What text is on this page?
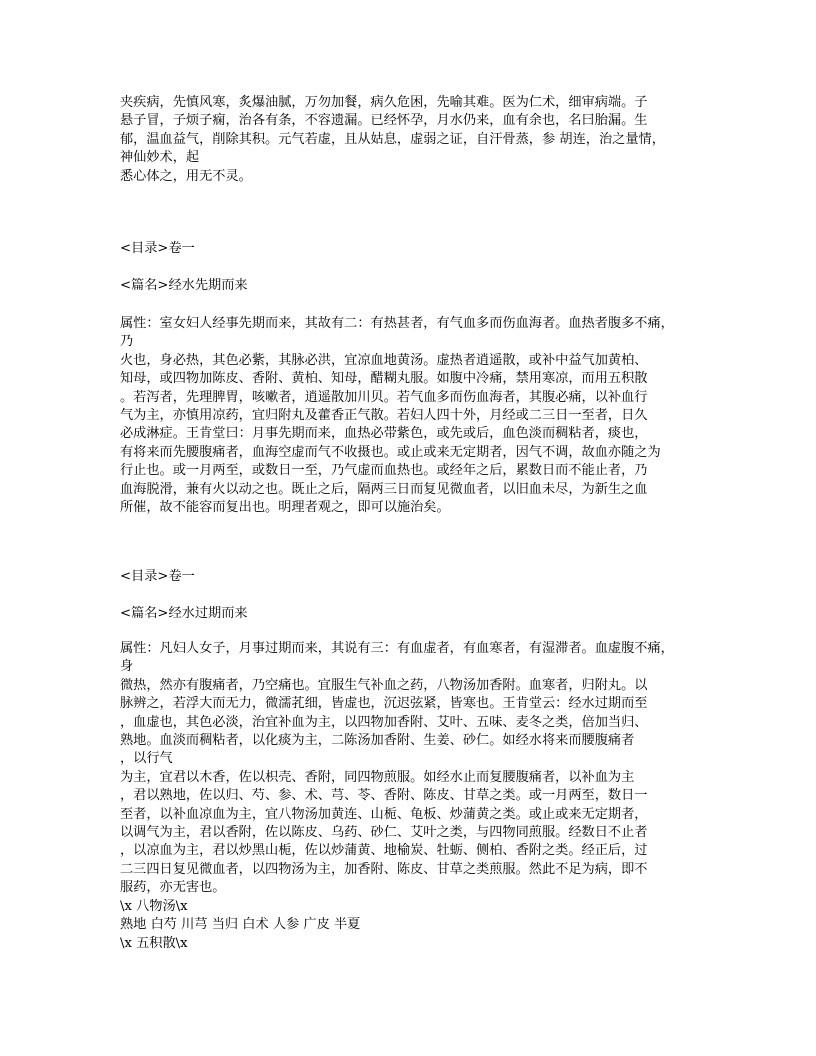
夹疾病，先慎风寒，炙爆油腻，万勿加餐，病久危困，先喻其难。医为仁术，细审病端。子

悬子冒，子烦子痫，治各有条，不容遗漏。已经怀孕，月水仍来，血有余也，名曰胎漏。生

郁，温血益气，削除其积。元气若虚，且从姑息，虚弱之证，自汗骨蒸，参 胡连，治之量情，

神仙妙术，起

悉心体之，用无不灵。

<目录>卷一
<篇名>经水先期而来

属性：室女妇人经事先期而来，其故有二：有热甚者，有气血多而伤血海者。血热者腹多不痛，

乃

火也，身必热，其色必紫，其脉必洪，宜凉血地黄汤。虚热者逍遥散，或补中益气加黄柏、

知母，或四物加陈皮、香附、黄柏、知母，醋糊丸服。如腹中冷痛，禁用寒凉，而用五积散

。若泻者，先理脾胃，咳嗽者，逍遥散加川贝。若气血多而伤血海者，其腹必痛，以补血行

气为主，亦慎用凉药，宜归附丸及藿香正气散。若妇人四十外，月经或二三日一至者，日久

必成淋症。王肯堂曰：月事先期而来，血热必带紫色，或先或后，血色淡而稠粘者，痰也，

有将来而先腰腹痛者，血海空虚而气不收摄也。或止或来无定期者，因气不调，故血亦随之为

行止也。或一月两至，或数日一至，乃气虚而血热也。或经年之后，累数日而不能止者，乃

血海脱滑，兼有火以动之也。既止之后，隔两三日而复见微血者，以旧血未尽，为新生之血

所催，故不能容而复出也。明理者观之，即可以施治矣。

<目录>卷一
<篇名>经水过期而来

属性：凡妇人女子，月事过期而来，其说有三：有血虚者，有血寒者，有湿滞者。血虚腹不痛，

身

微热，然亦有腹痛者，乃空痛也。宜服生气补血之药，八物汤加香附。血寒者，归附丸。以

脉辨之，若浮大而无力，微濡芤细，皆虚也，沉迟弦紧，皆寒也。王肯堂云：经水过期而至

，血虚也，其色必淡，治宜补血为主，以四物加香附、艾叶、五味、麦冬之类，倍加当归、

熟地。血淡而稠粘者，以化痰为主，二陈汤加香附、生姜、砂仁。如经水将来而腰腹痛者

，以行气

为主，宜君以木香，佐以枳壳、香附，同四物煎服。如经水止而复腰腹痛者，以补血为主

，君以熟地，佐以归、芍、参、术、芎、苓、香附、陈皮、甘草之类。或一月两至，数日一

至者，以补血凉血为主，宜八物汤加黄连、山栀、龟板、炒蒲黄之类。或止或来无定期者，

以调气为主，君以香附，佐以陈皮、乌药、砂仁、艾叶之类，与四物同煎服。经数日不止者

，以凉血为主，君以炒黑山栀，佐以炒蒲黄、地榆炭、牡蛎、侧柏、香附之类。经正后，过

二三四日复见微血者，以四物汤为主，加香附、陈皮、甘草之类煎服。然此不足为病，即不

服药，亦无害也。

\x 八物汤\x

熟地 白芍 川芎 当归 白术 人参 广皮 半夏

\x 五积散\x
